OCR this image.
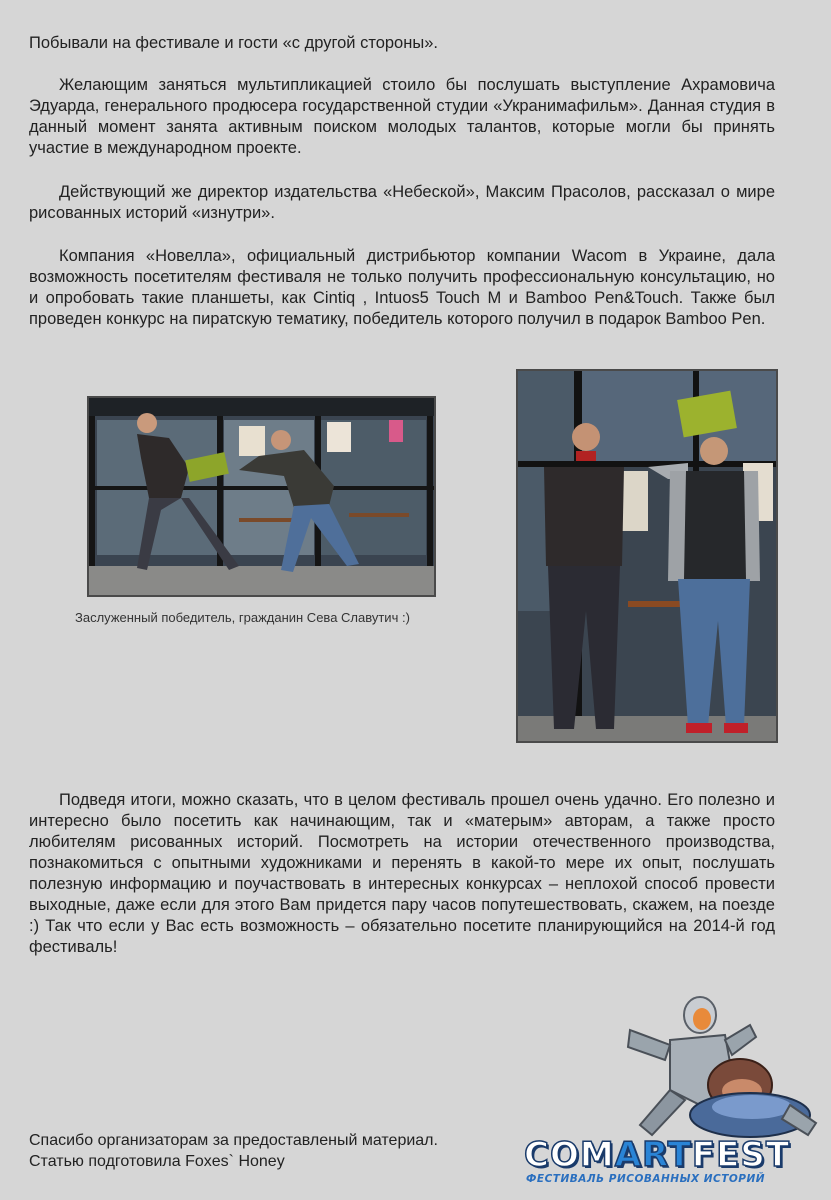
Побывали на фестивале и гости «с другой стороны».

Желающим заняться мультипликацией стоило бы послушать выступление Ахрамовича Эдуарда, генерального продюсера государственной студии «Укранимафильм». Данная студия в данный момент занята активным поиском молодых талантов, которые могли бы принять участие в международном проекте.

Действующий же директор издательства «Небеской», Максим Прасолов, рассказал о мире рисованных историй «изнутри».

Компания «Новелла», официальный дистрибьютор компании Wacom в Украине, дала возможность посетителям фестиваля не только получить профессиональную консультацию, но и опробовать такие планшеты, как Cintiq , Intuos5 Touch M и Bamboo Pen&Touch. Также был проведен конкурс на пиратскую тематику, победитель которого получил в подарок Bamboo Pen.

Заслуженный победитель, гражданин Сева Славутич :)

Подведя итоги, можно сказать, что в целом фестиваль прошел очень удачно. Его полезно и интересно было посетить как начинающим, так и «матерым» авторам, а также просто любителям рисованных историй. Посмотреть на истории отечественного производства, познакомиться с опытными художниками и перенять в какой-то мере их опыт, послушать полезную информацию и поучаствовать в интересных конкурсах – неплохой способ провести выходные, даже если для этого Вам придется пару часов попутешествовать, скажем, на поезде :) Так что если у Вас есть возможность – обязательно посетите планирующийся на 2014-й год фестиваль!

Спасибо организаторам за предоставленый материал.
Статью подготовила Foxes` Honey	COMARTFEST
ФЕСТИВАЛЬ РИСОВАННЫХ ИСТОРИЙ
